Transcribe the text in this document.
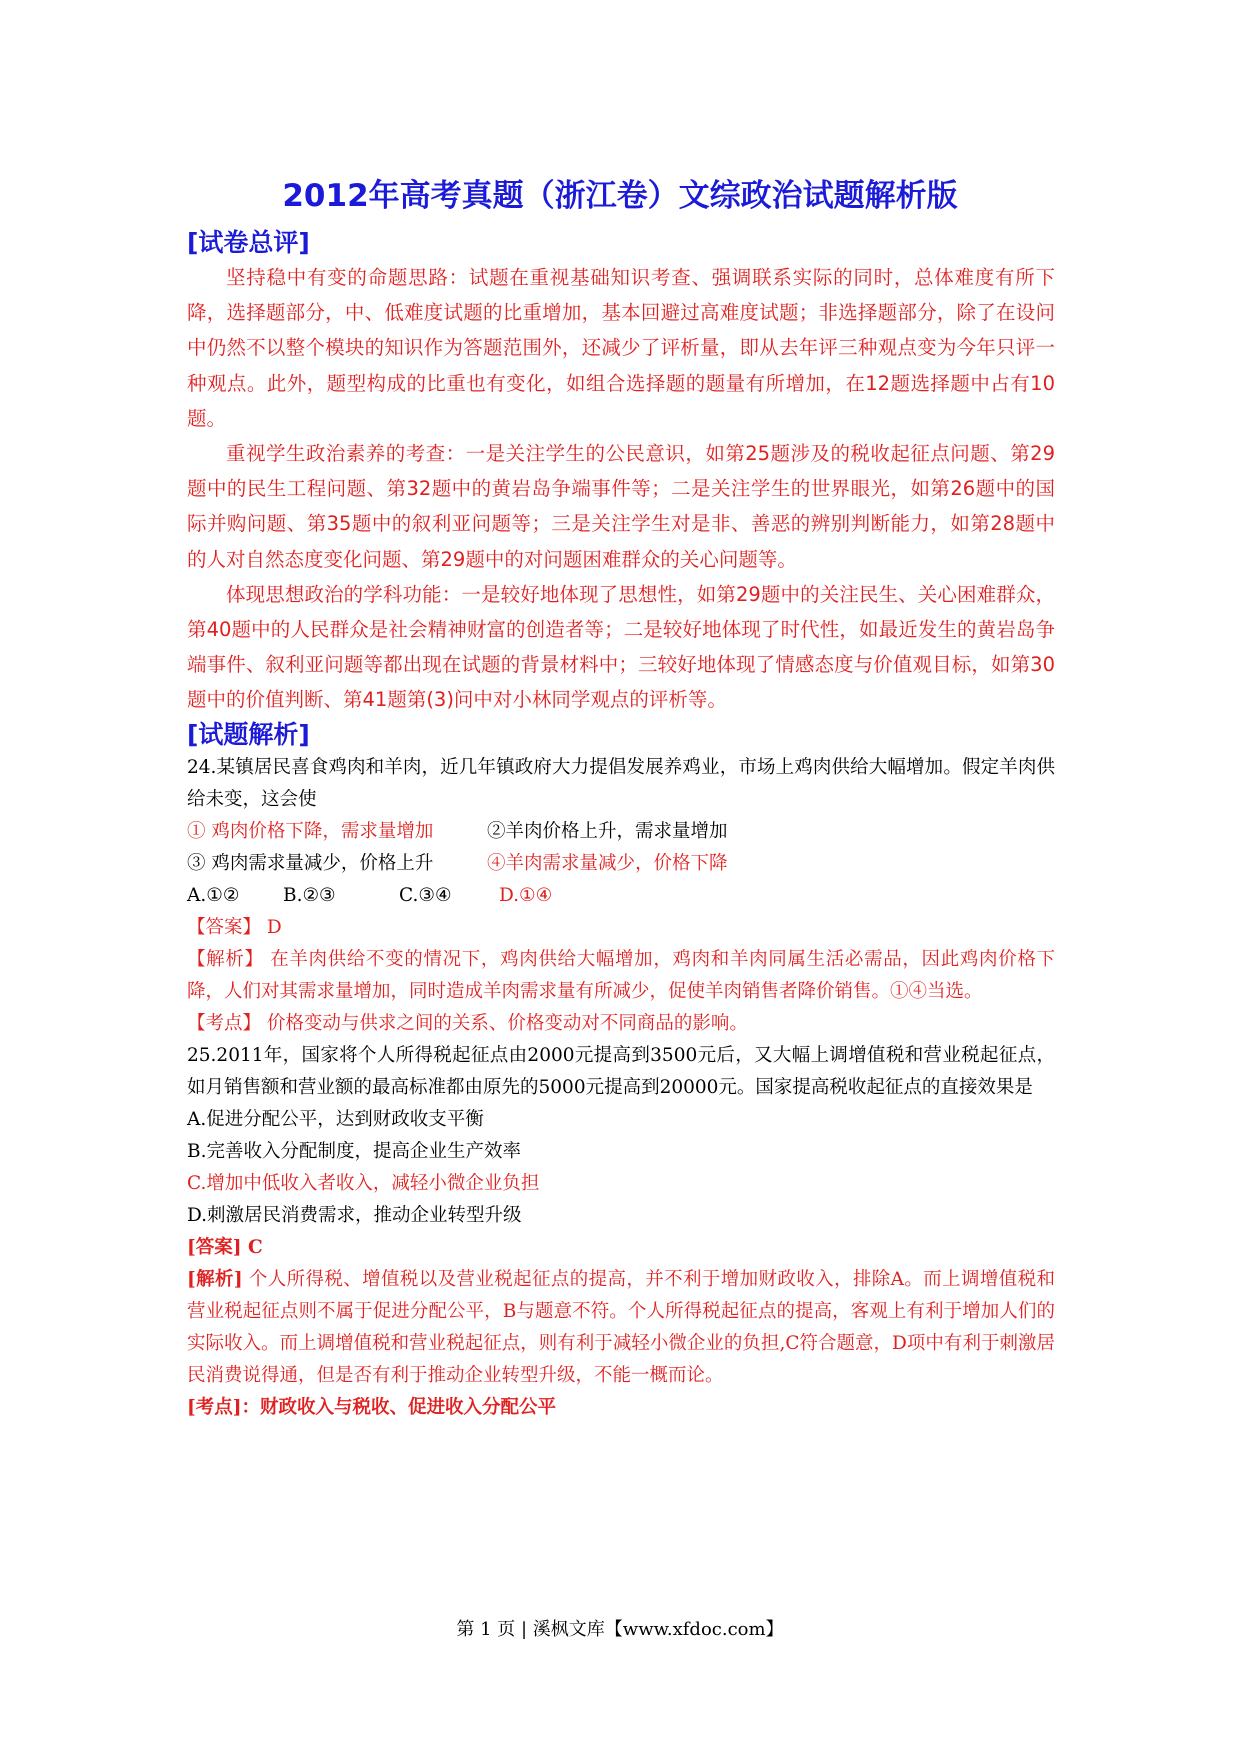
2012年高考真题（浙江卷）文综政治试题解析版
[试卷总评]

坚持稳中有变的命题思路：试题在重视基础知识考查、强调联系实际的同时，总体难度有所下降，选择题部分，中、低难度试题的比重增加，基本回避过高难度试题；非选择题部分，除了在设问中仍然不以整个模块的知识作为答题范围外，还减少了评析量，即从去年评三种观点变为今年只评一种观点。此外，题型构成的比重也有变化，如组合选择题的题量有所增加，在12题选择题中占有10题。

重视学生政治素养的考查：一是关注学生的公民意识，如第25题涉及的税收起征点问题、第29题中的民生工程问题、第32题中的黄岩岛争端事件等；二是关注学生的世界眼光，如第26题中的国际并购问题、第35题中的叙利亚问题等；三是关注学生对是非、善恶的辨别判断能力，如第28题中的人对自然态度变化问题、第29题中的对问题困难群众的关心问题等。

体现思想政治的学科功能：一是较好地体现了思想性，如第29题中的关注民生、关心困难群众，第40题中的人民群众是社会精神财富的创造者等；二是较好地体现了时代性，如最近发生的黄岩岛争端事件、叙利亚问题等都出现在试题的背景材料中；三较好地体现了情感态度与价值观目标，如第30题中的价值判断、第41题第(3)问中对小林同学观点的评析等。

[试题解析]

24.某镇居民喜食鸡肉和羊肉，近几年镇政府大力提倡发展养鸡业，市场上鸡肉供给大幅增加。假定羊肉供给未变，这会使

① 鸡肉价格下降，需求量增加	②羊肉价格上升，需求量增加
③ 鸡肉需求量减少，价格上升	④羊肉需求量减少，价格下降
A.①② B.②③	C.③④	D.①④

【答案】 D

【解析】 在羊肉供给不变的情况下，鸡肉供给大幅增加，鸡肉和羊肉同属生活必需品，因此鸡肉价格下降，人们对其需求量增加，同时造成羊肉需求量有所减少，促使羊肉销售者降价销售。①④当选。

【考点】 价格变动与供求之间的关系、价格变动对不同商品的影响。

25.2011年，国家将个人所得税起征点由2000元提高到3500元后，又大幅上调增值税和营业税起征点，如月销售额和营业额的最高标准都由原先的5000元提高到20000元。国家提高税收起征点的直接效果是

A.促进分配公平，达到财政收支平衡

B.完善收入分配制度，提高企业生产效率

C.增加中低收入者收入，减轻小微企业负担

D.刺激居民消费需求，推动企业转型升级

[答案] C

[解析] 个人所得税、增值税以及营业税起征点的提高，并不利于增加财政收入，排除A。而上调增值税和营业税起征点则不属于促进分配公平，B与题意不符。个人所得税起征点的提高，客观上有利于增加人们的实际收入。而上调增值税和营业税起征点，则有利于减轻小微企业的负担,C符合题意，D项中有利于刺激居民消费说得通，但是否有利于推动企业转型升级，不能一概而论。

[考点]：财政收入与税收、促进收入分配公平

第 1 页 | 溪枫文库【www.xfdoc.com】
